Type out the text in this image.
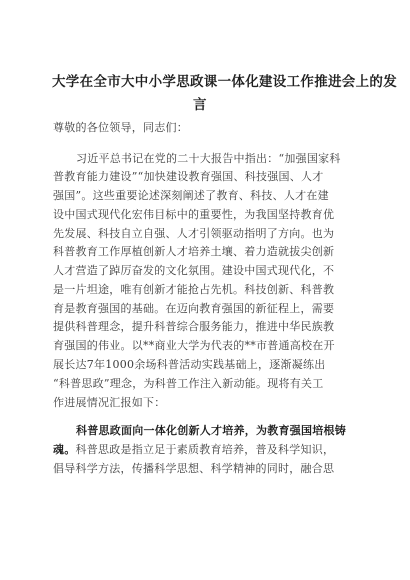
大学在全市大中小学思政课一体化建设工作推进会上的发
言
尊敬的各位领导，同志们：
习近平总书记在党的二十大报告中指出：“加强国家科
普教育能力建设”“加快建设教育强国、科技强国、人才
强国”。这些重要论述深刻阐述了教育、科技、人才在建
设中国式现代化宏伟目标中的重要性，为我国坚持教育优
先发展、科技自立自强、人才引领驱动指明了方向。也为
科普教育工作厚植创新人才培养土壤、着力造就拔尖创新
人才营造了踔厉奋发的文化氛围。建设中国式现代化，不
是一片坦途，唯有创新才能抢占先机。科技创新、科普教
育是教育强国的基础。在迈向教育强国的新征程上，需要
提供科普理念，提升科普综合服务能力，推进中华民族教
育强国的伟业。以**商业大学为代表的**市普通高校在开
展长达7年1000余场科普活动实践基础上，逐渐凝练出
“科普思政”理念，为科普工作注入新动能。现将有关工
作进展情况汇报如下：
科普思政面向一体化创新人才培养，为教育强国培根铸
魂。科普思政是指立足于素质教育培养，普及科学知识，
倡导科学方法，传播科学思想、科学精神的同时，融合思
